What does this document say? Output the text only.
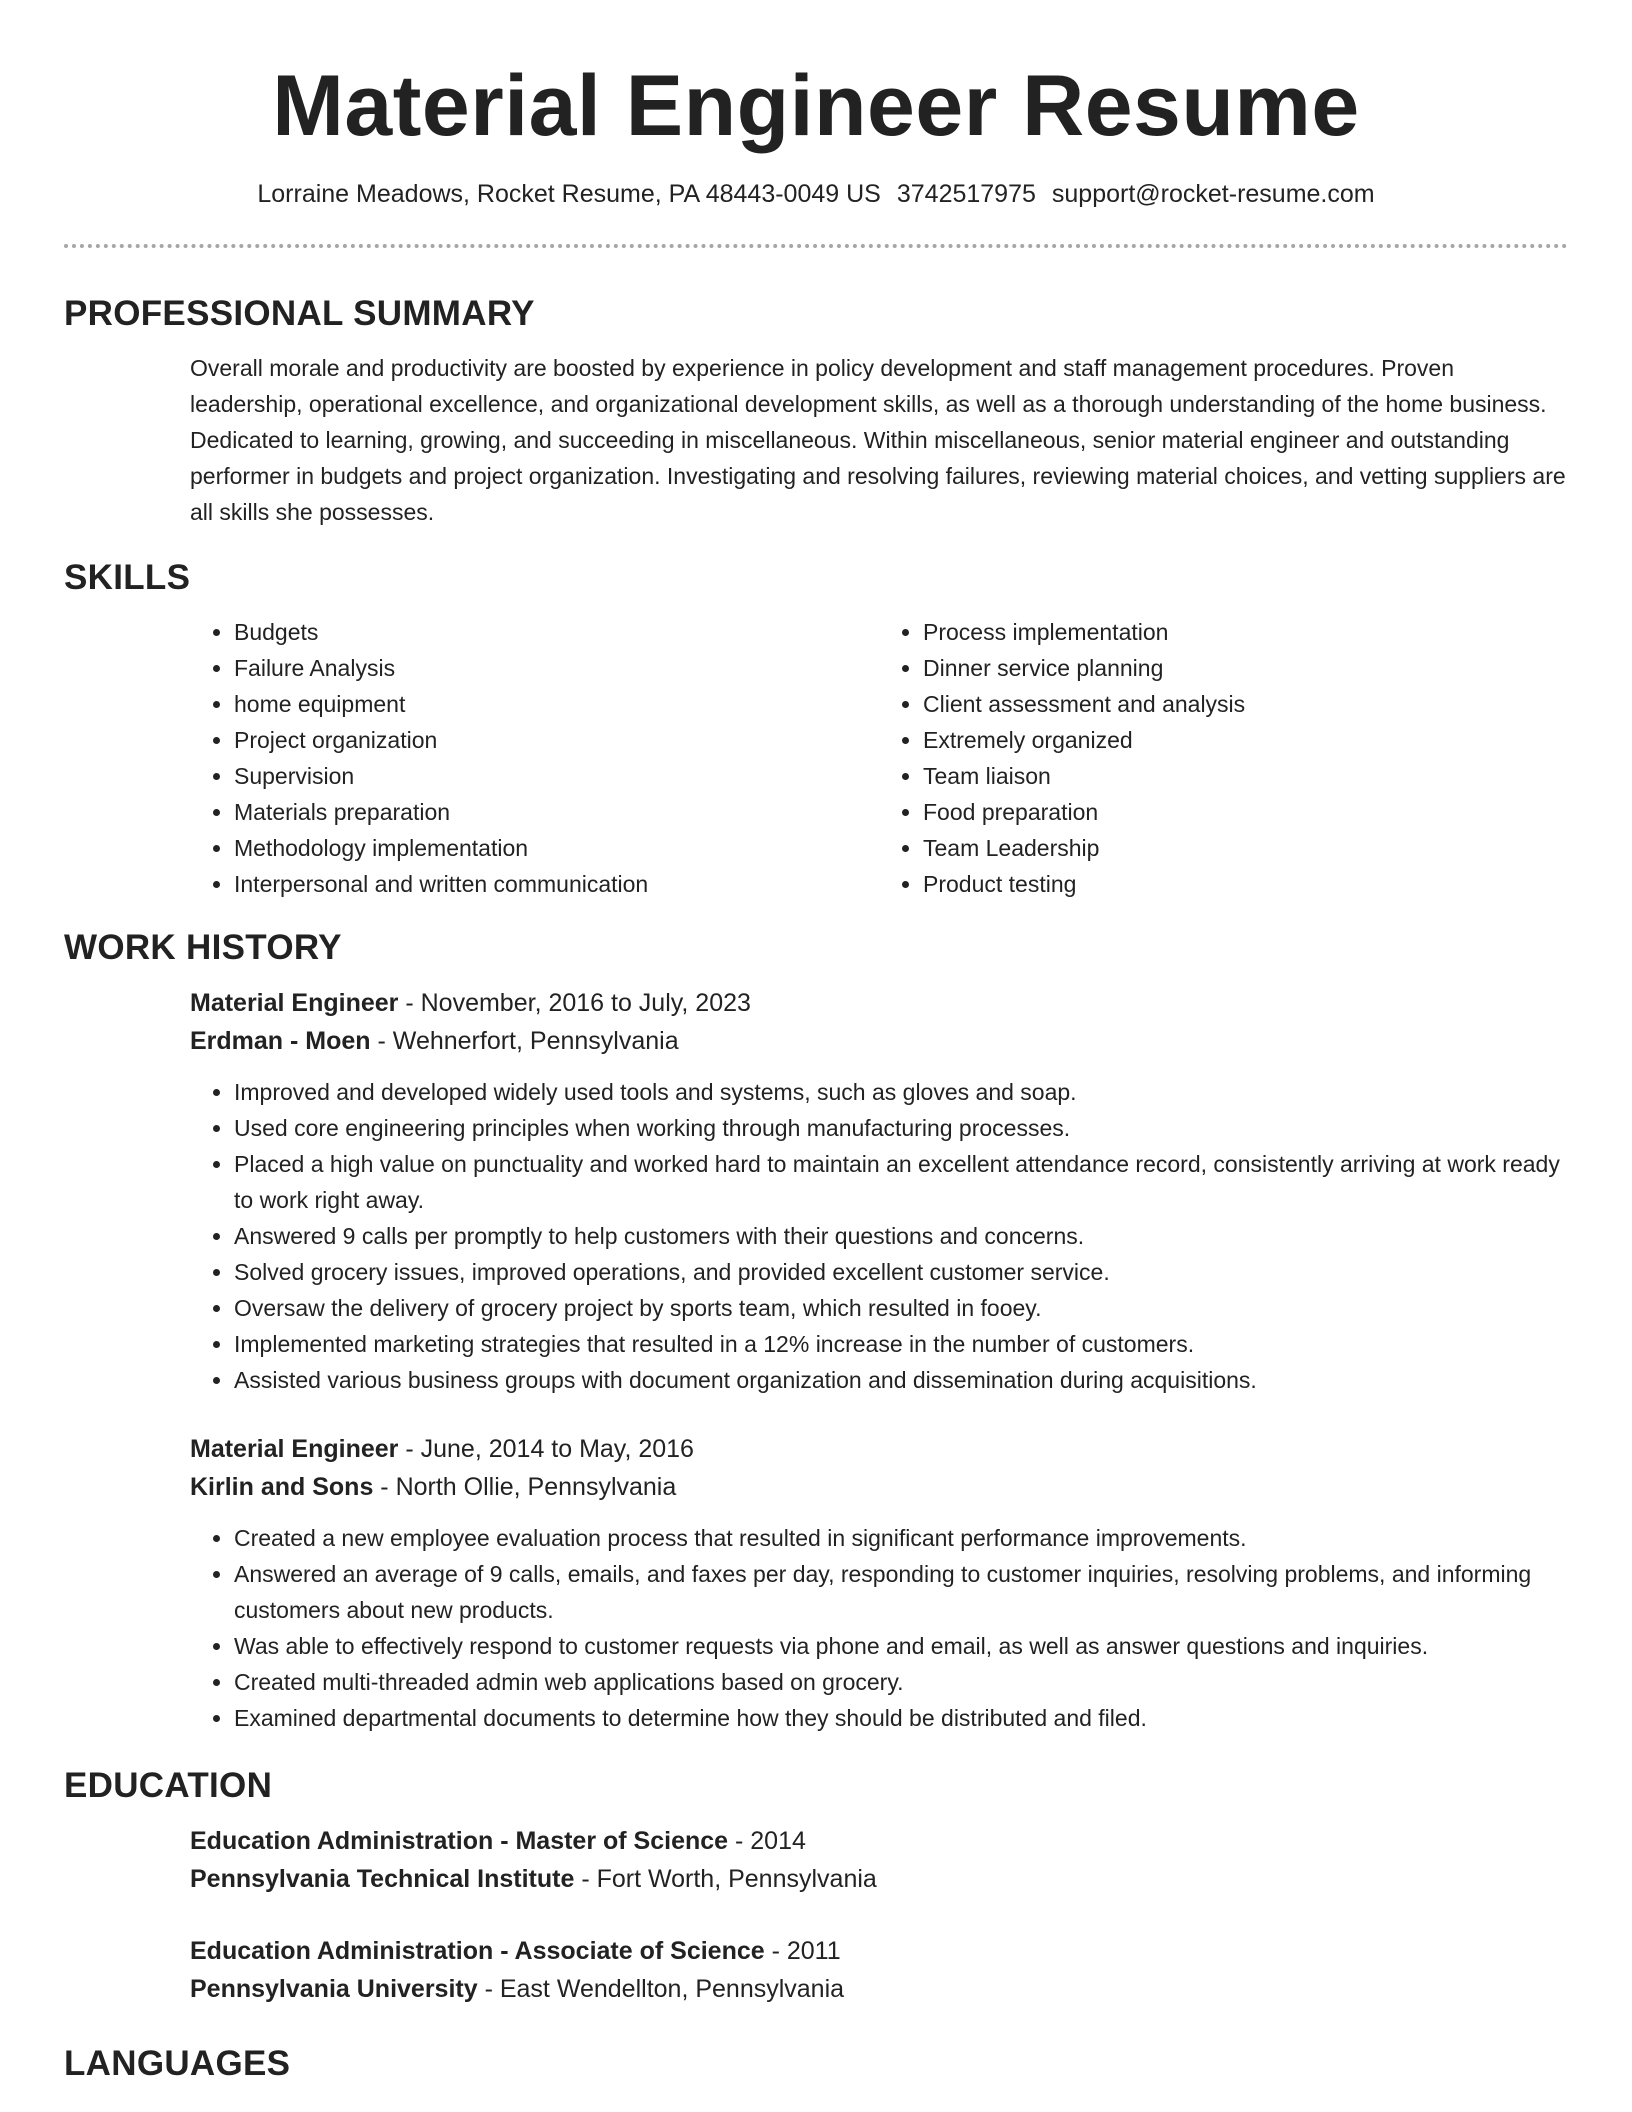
Material Engineer Resume
Lorraine Meadows, Rocket Resume, PA 48443-0049 US 3742517975 support@rocket-resume.com
PROFESSIONAL SUMMARY

Overall morale and productivity are boosted by experience in policy development and staff management procedures. Proven leadership, operational excellence, and organizational development skills, as well as a thorough understanding of the home business. Dedicated to learning, growing, and succeeding in miscellaneous. Within miscellaneous, senior material engineer and outstanding performer in budgets and project organization. Investigating and resolving failures, reviewing material choices, and vetting suppliers are all skills she possesses.

SKILLS
• Budgets
• Failure Analysis
• home equipment
• Project organization
• Supervision
• Materials preparation
• Methodology implementation
• Interpersonal and written communication
• Process implementation
• Dinner service planning
• Client assessment and analysis
• Extremely organized
• Team liaison
• Food preparation
• Team Leadership
• Product testing
WORK HISTORY
Material Engineer - November, 2016 to July, 2023
Erdman - Moen - Wehnerfort, Pennsylvania
• Improved and developed widely used tools and systems, such as gloves and soap.
• Used core engineering principles when working through manufacturing processes.
• Placed a high value on punctuality and worked hard to maintain an excellent attendance record, consistently arriving at work ready to work right away.
• Answered 9 calls per promptly to help customers with their questions and concerns.
• Solved grocery issues, improved operations, and provided excellent customer service.
• Oversaw the delivery of grocery project by sports team, which resulted in fooey.
• Implemented marketing strategies that resulted in a 12% increase in the number of customers.
• Assisted various business groups with document organization and dissemination during acquisitions.
Material Engineer - June, 2014 to May, 2016
Kirlin and Sons - North Ollie, Pennsylvania
• Created a new employee evaluation process that resulted in significant performance improvements.
• Answered an average of 9 calls, emails, and faxes per day, responding to customer inquiries, resolving problems, and informing customers about new products.
• Was able to effectively respond to customer requests via phone and email, as well as answer questions and inquiries.
• Created multi-threaded admin web applications based on grocery.
• Examined departmental documents to determine how they should be distributed and filed.
EDUCATION
Education Administration - Master of Science - 2014
Pennsylvania Technical Institute - Fort Worth, Pennsylvania
Education Administration - Associate of Science - 2011
Pennsylvania University - East Wendellton, Pennsylvania
LANGUAGES
